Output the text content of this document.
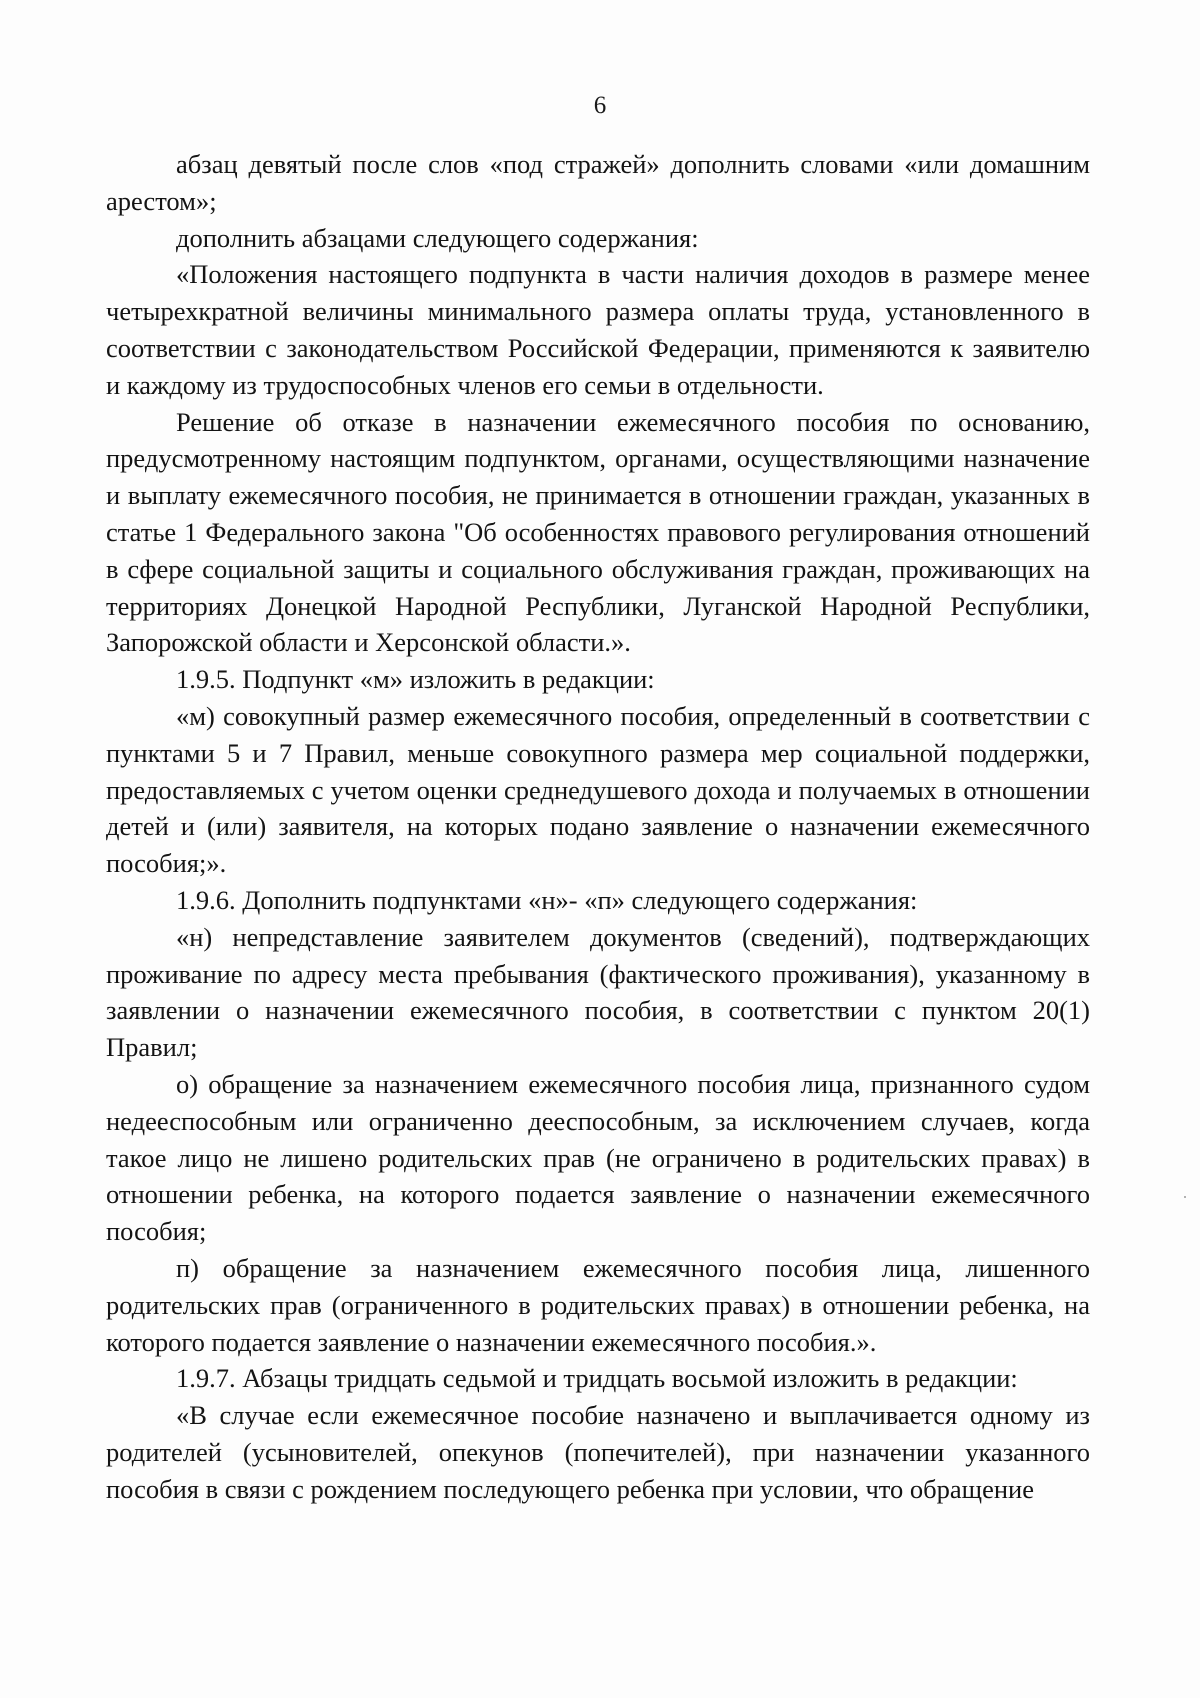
6

абзац девятый после слов «под стражей» дополнить словами «или домашним арестом»;

дополнить абзацами следующего содержания:

«Положения настоящего подпункта в части наличия доходов в размере менее четырехкратной величины минимального размера оплаты труда, установленного в соответствии с законодательством Российской Федерации, применяются к заявителю и каждому из трудоспособных членов его семьи в отдельности.

Решение об отказе в назначении ежемесячного пособия по основанию, предусмотренному настоящим подпунктом, органами, осуществляющими назначение и выплату ежемесячного пособия, не принимается в отношении граждан, указанных в статье 1 Федерального закона "Об особенностях правового регулирования отношений в сфере социальной защиты и социального обслуживания граждан, проживающих на территориях Донецкой Народной Республики, Луганской Народной Республики, Запорожской области и Херсонской области.».

1.9.5. Подпункт «м» изложить в редакции:

«м) совокупный размер ежемесячного пособия, определенный в соответствии с пунктами 5 и 7 Правил, меньше совокупного размера мер социальной поддержки, предоставляемых с учетом оценки среднедушевого дохода и получаемых в отношении детей и (или) заявителя, на которых подано заявление о назначении ежемесячного пособия;».

1.9.6. Дополнить подпунктами «н»- «п» следующего содержания:

«н) непредставление заявителем документов (сведений), подтверждающих проживание по адресу места пребывания (фактического проживания), указанному в заявлении о назначении ежемесячного пособия, в соответствии с пунктом 20(1) Правил;

о) обращение за назначением ежемесячного пособия лица, признанного судом недееспособным или ограниченно дееспособным, за исключением случаев, когда такое лицо не лишено родительских прав (не ограничено в родительских правах) в отношении ребенка, на которого подается заявление о назначении ежемесячного пособия;

п) обращение за назначением ежемесячного пособия лица, лишенного родительских прав (ограниченного в родительских правах) в отношении ребенка, на которого подается заявление о назначении ежемесячного пособия.».

1.9.7. Абзацы тридцать седьмой и тридцать восьмой изложить в редакции:

«В случае если ежемесячное пособие назначено и выплачивается одному из родителей (усыновителей, опекунов (попечителей), при назначении указанного пособия в связи с рождением последующего ребенка при условии, что обращение
